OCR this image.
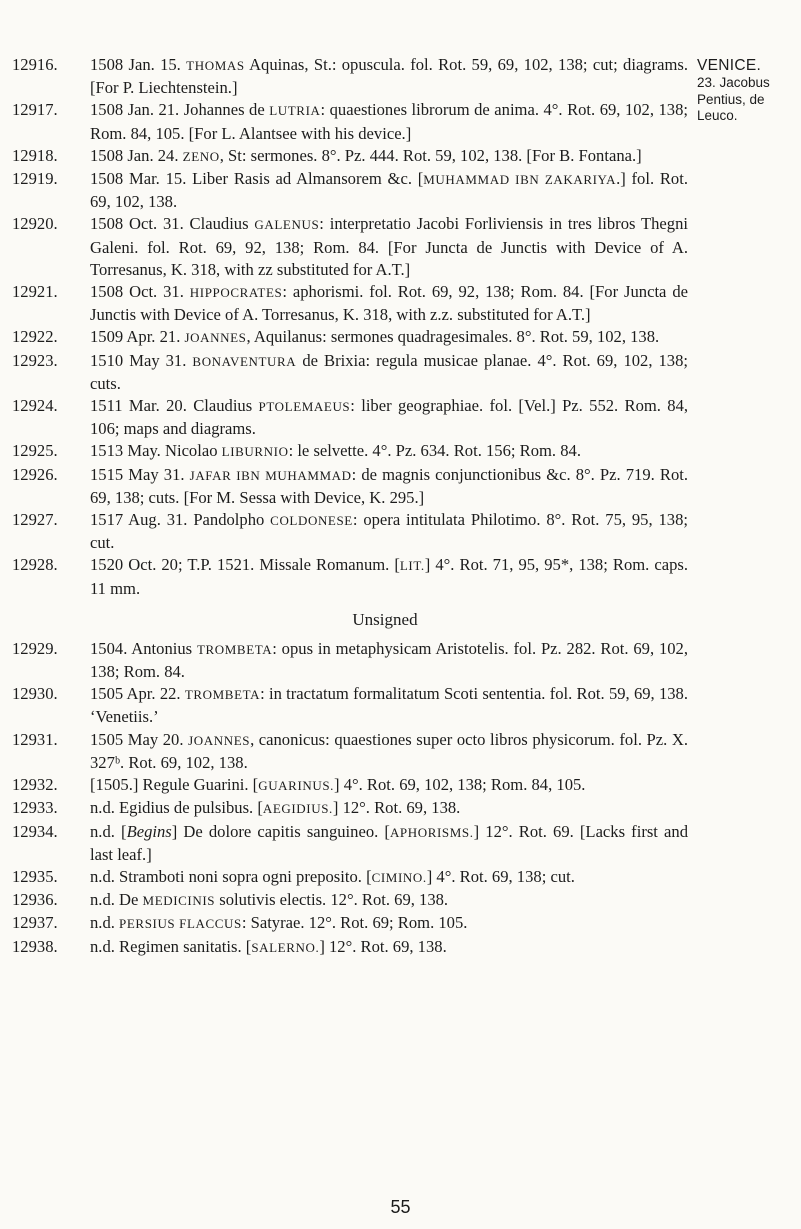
VENICE.
23. Jacobus Pentius, de Leuco.

12916. 1508 Jan. 15. THOMAS Aquinas, St.: opuscula. fol. Rot. 59, 69, 102, 138; cut; diagrams. [For P. Liechtenstein.]

12917. 1508 Jan. 21. Johannes de LUTRIA: quaestiones librorum de anima. 4°. Rot. 69, 102, 138; Rom. 84, 105. [For L. Alantsee with his device.]

12918. 1508 Jan. 24. ZENO, St: sermones. 8°. Pz. 444. Rot. 59, 102, 138. [For B. Fontana.]

12919. 1508 Mar. 15. Liber Rasis ad Almansorem &c. [MUHAMMAD IBN ZAKARIYA.] fol. Rot. 69, 102, 138.

12920. 1508 Oct. 31. Claudius GALENUS: interpretatio Jacobi Forliviensis in tres libros Thegni Galeni. fol. Rot. 69, 92, 138; Rom. 84. [For Juncta de Junctis with Device of A. Torresanus, K. 318, with zz substituted for A.T.]

12921. 1508 Oct. 31. HIPPOCRATES: aphorismi. fol. Rot. 69, 92, 138; Rom. 84. [For Juncta de Junctis with Device of A. Torresanus, K. 318, with z.z. substituted for A.T.]

12922. 1509 Apr. 21. JOANNES, Aquilanus: sermones quadragesimales. 8°. Rot. 59, 102, 138.

12923. 1510 May 31. BONAVENTURA de Brixia: regula musicae planae. 4°. Rot. 69, 102, 138; cuts.

12924. 1511 Mar. 20. Claudius PTOLEMAEUS: liber geographiae. fol. [Vel.] Pz. 552. Rom. 84, 106; maps and diagrams.

12925. 1513 May. Nicolao LIBURNIO: le selvette. 4°. Pz. 634. Rot. 156; Rom. 84.

12926. 1515 May 31. JAFAR IBN MUHAMMAD: de magnis conjunctionibus &c. 8°. Pz. 719. Rot. 69, 138; cuts. [For M. Sessa with Device, K. 295.]

12927. 1517 Aug. 31. Pandolpho COLDONESE: opera intitulata Philotimo. 8°. Rot. 75, 95, 138; cut.

12928. 1520 Oct. 20; T.P. 1521. Missale Romanum. [LIT.] 4°. Rot. 71, 95, 95*, 138; Rom. caps. 11 mm.

Unsigned

12929. 1504. Antonius TROMBETA: opus in metaphysicam Aristotelis. fol. Pz. 282. Rot. 69, 102, 138; Rom. 84.

12930. 1505 Apr. 22. TROMBETA: in tractatum formalitatum Scoti sententia. fol. Rot. 59, 69, 138. ‘Venetiis.’

12931. 1505 May 20. JOANNES, canonicus: quaestiones super octo libros physicorum. fol. Pz. X. 327ᵇ. Rot. 69, 102, 138.

12932. [1505.] Regule Guarini. [GUARINUS.] 4°. Rot. 69, 102, 138; Rom. 84, 105.

12933. n.d. Egidius de pulsibus. [AEGIDIUS.] 12°. Rot. 69, 138.

12934. n.d. [Begins] De dolore capitis sanguineo. [APHORISMS.] 12°. Rot. 69. [Lacks first and last leaf.]

12935. n.d. Stramboti noni sopra ogni preposito. [CIMINO.] 4°. Rot. 69, 138; cut.

12936. n.d. De MEDICINIS solutivis electis. 12°. Rot. 69, 138.

12937. n.d. PERSIUS FLACCUS: Satyrae. 12°. Rot. 69; Rom. 105.

12938. n.d. Regimen sanitatis. [SALERNO.] 12°. Rot. 69, 138.

55
